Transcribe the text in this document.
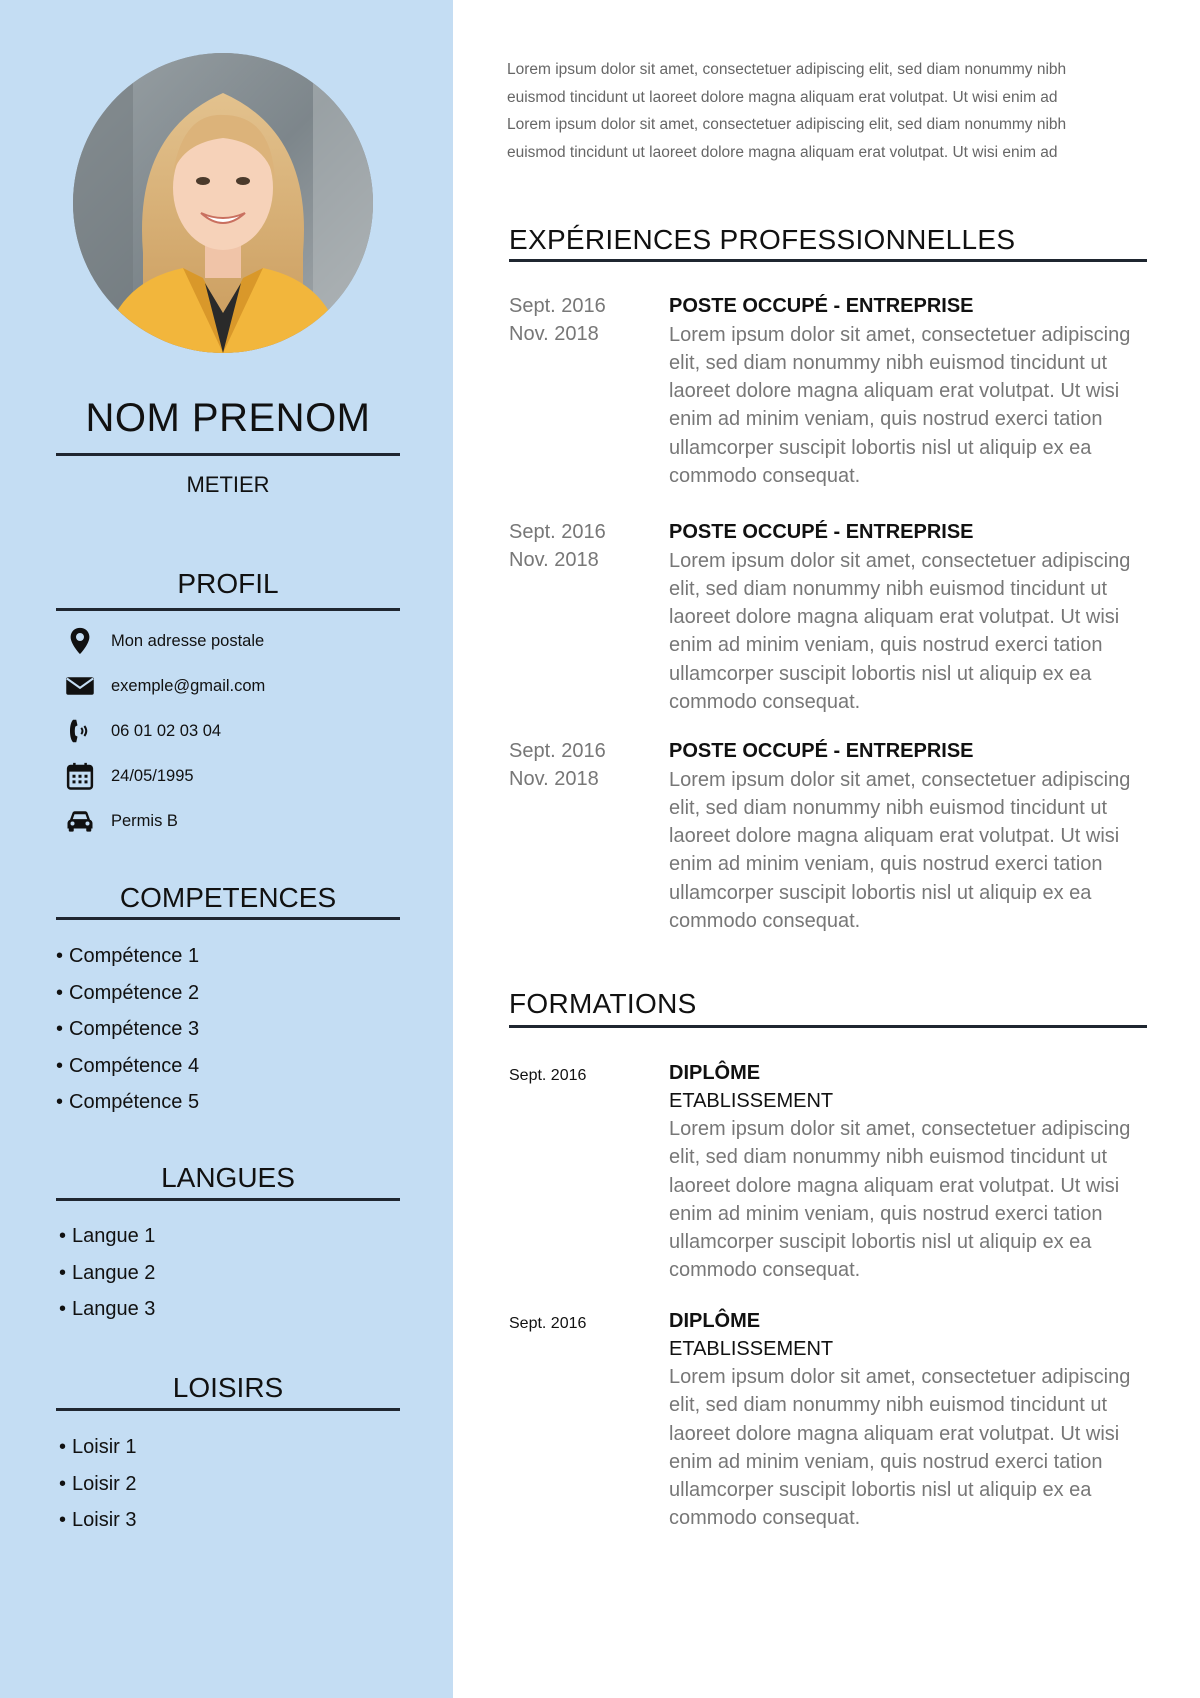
NOM PRENOM
METIER
PROFIL
Mon adresse postale
exemple@gmail.com
06 01 02 03 04
24/05/1995
Permis B
COMPETENCES
• Compétence 1
• Compétence 2
• Compétence 3
• Compétence 4
• Compétence 5
LANGUES
• Langue 1
• Langue 2
• Langue 3
LOISIRS
• Loisir 1
• Loisir 2
• Loisir 3
Lorem ipsum dolor sit amet, consectetuer adipiscing elit, sed diam nonummy nibh
euismod tincidunt ut laoreet dolore magna aliquam erat volutpat. Ut wisi enim ad
Lorem ipsum dolor sit amet, consectetuer adipiscing elit, sed diam nonummy nibh
euismod tincidunt ut laoreet dolore magna aliquam erat volutpat. Ut wisi enim ad
EXPÉRIENCES PROFESSIONNELLES
Sept. 2016
Nov. 2018
POSTE OCCUPÉ - ENTREPRISE
Lorem ipsum dolor sit amet, consectetuer adipiscing
elit, sed diam nonummy nibh euismod tincidunt ut
laoreet dolore magna aliquam erat volutpat. Ut wisi
enim ad minim veniam, quis nostrud exerci tation
ullamcorper suscipit lobortis nisl ut aliquip ex ea
commodo consequat.
Sept. 2016
Nov. 2018
POSTE OCCUPÉ - ENTREPRISE
Lorem ipsum dolor sit amet, consectetuer adipiscing
elit, sed diam nonummy nibh euismod tincidunt ut
laoreet dolore magna aliquam erat volutpat. Ut wisi
enim ad minim veniam, quis nostrud exerci tation
ullamcorper suscipit lobortis nisl ut aliquip ex ea
commodo consequat.
Sept. 2016
Nov. 2018
POSTE OCCUPÉ - ENTREPRISE
Lorem ipsum dolor sit amet, consectetuer adipiscing
elit, sed diam nonummy nibh euismod tincidunt ut
laoreet dolore magna aliquam erat volutpat. Ut wisi
enim ad minim veniam, quis nostrud exerci tation
ullamcorper suscipit lobortis nisl ut aliquip ex ea
commodo consequat.
FORMATIONS
Sept. 2016	DIPLÔME
ETABLISSEMENT
Lorem ipsum dolor sit amet, consectetuer adipiscing
elit, sed diam nonummy nibh euismod tincidunt ut
laoreet dolore magna aliquam erat volutpat. Ut wisi
enim ad minim veniam, quis nostrud exerci tation
ullamcorper suscipit lobortis nisl ut aliquip ex ea
commodo consequat.
Sept. 2016	DIPLÔME
ETABLISSEMENT
Lorem ipsum dolor sit amet, consectetuer adipiscing
elit, sed diam nonummy nibh euismod tincidunt ut
laoreet dolore magna aliquam erat volutpat. Ut wisi
enim ad minim veniam, quis nostrud exerci tation
ullamcorper suscipit lobortis nisl ut aliquip ex ea
commodo consequat.
